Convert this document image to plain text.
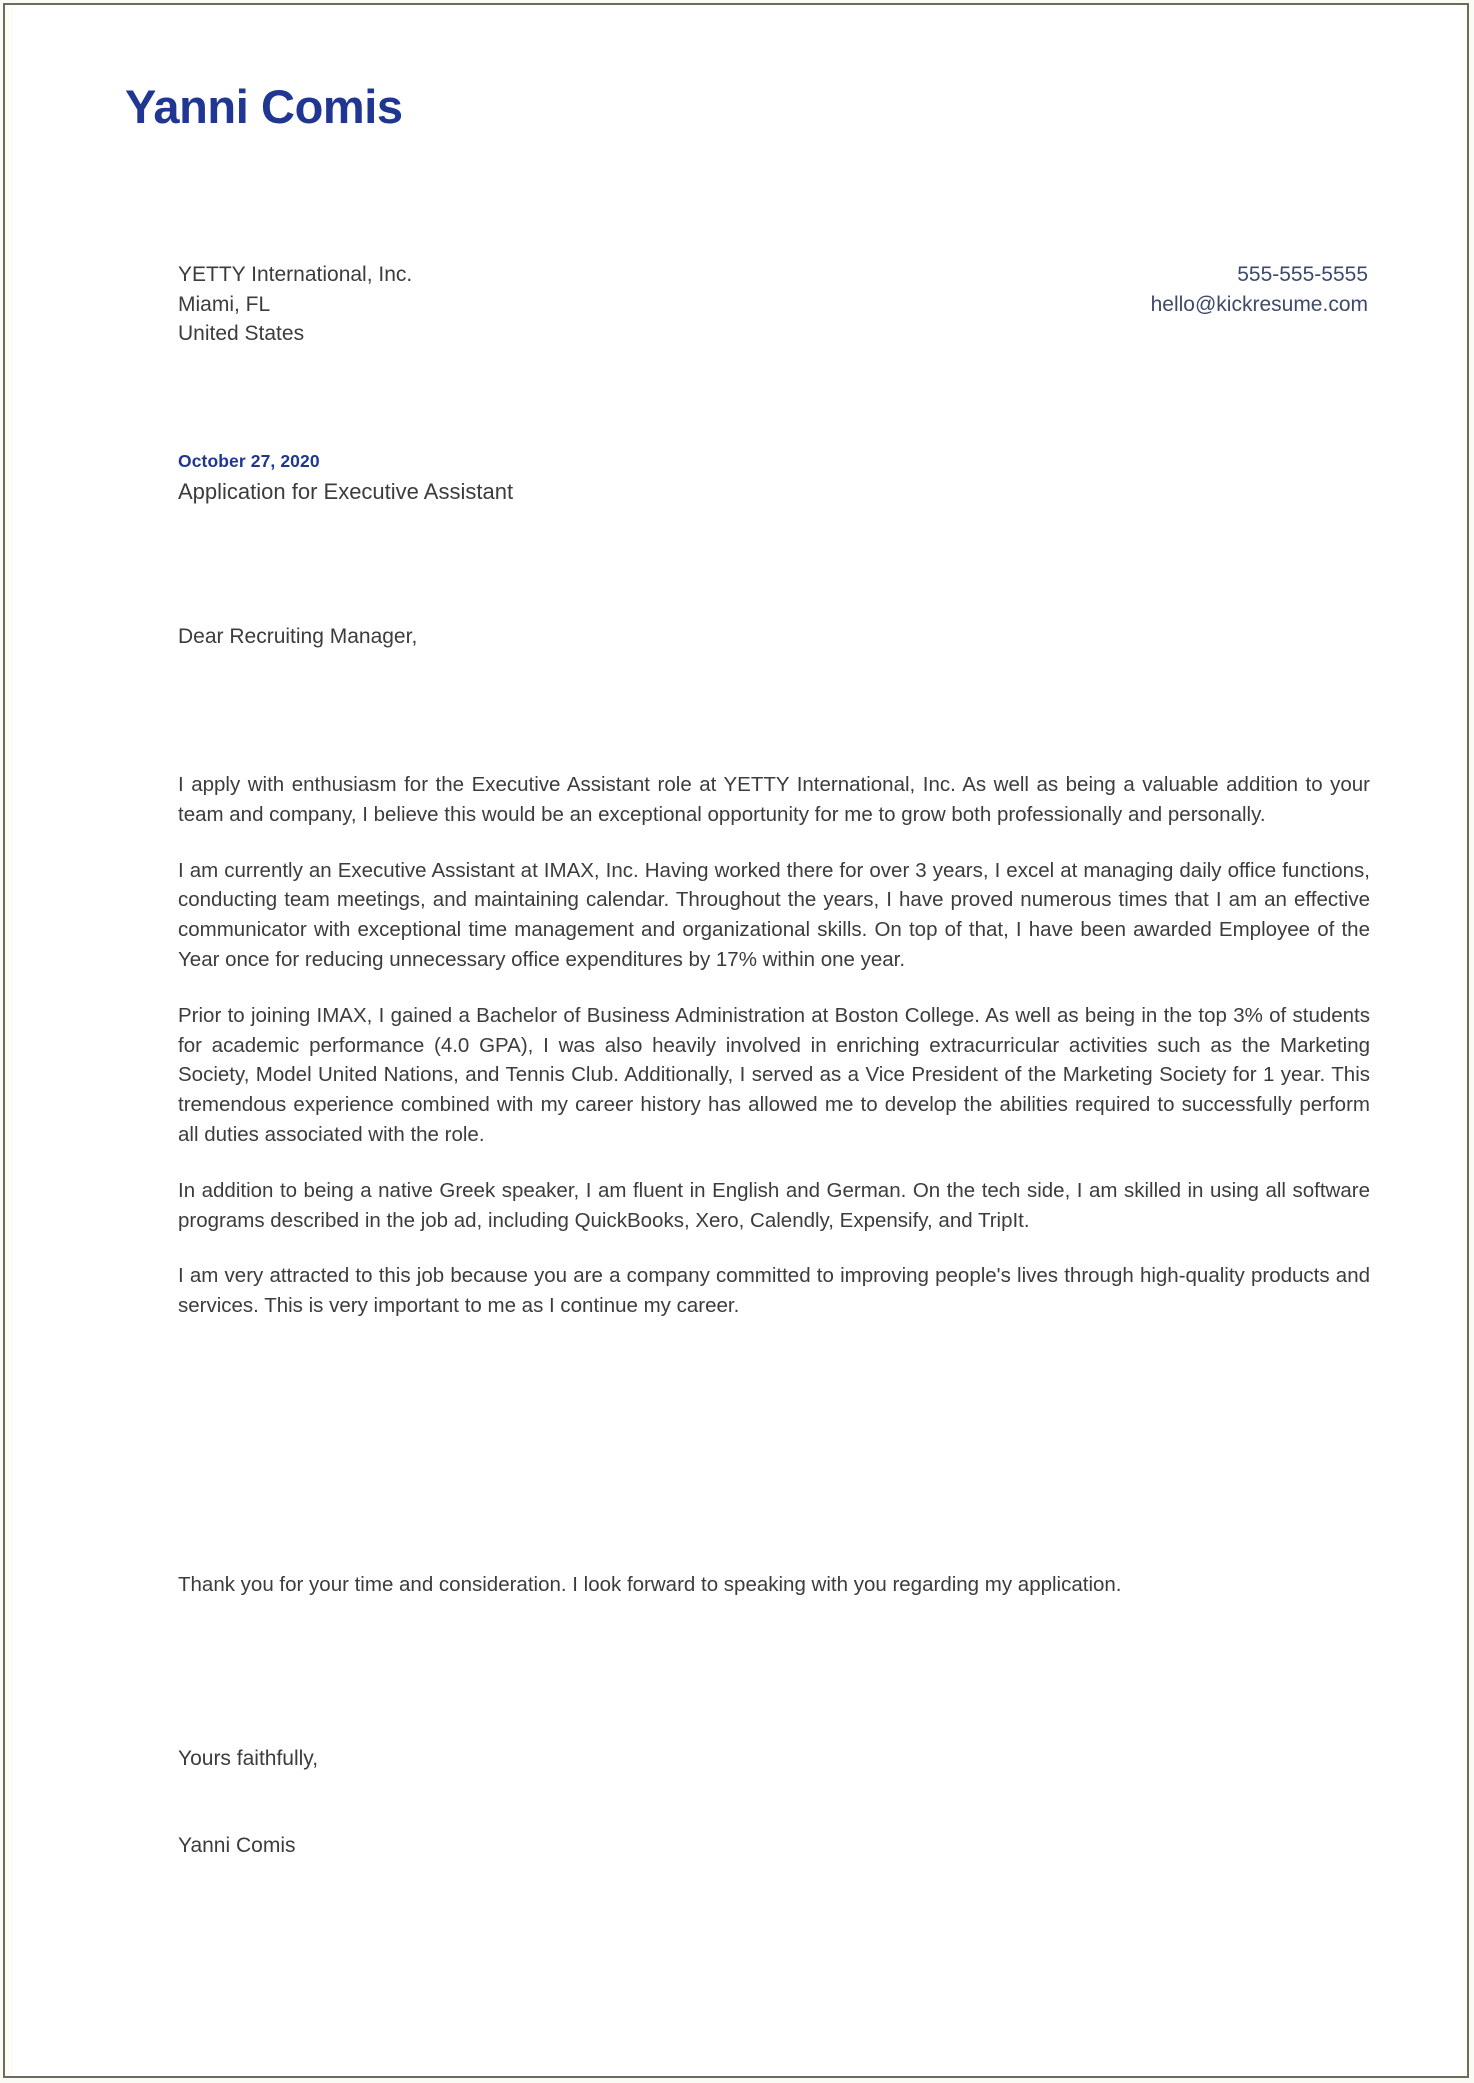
Yanni Comis
YETTY International, Inc.
Miami, FL
United States
555-555-5555
hello@kickresume.com
October 27, 2020
Application for Executive Assistant
Dear Recruiting Manager,

I apply with enthusiasm for the Executive Assistant role at YETTY International, Inc. As well as being a valuable addition to your team and company, I believe this would be an exceptional opportunity for me to grow both professionally and personally.

I am currently an Executive Assistant at IMAX, Inc. Having worked there for over 3 years, I excel at managing daily office functions, conducting team meetings, and maintaining calendar. Throughout the years, I have proved numerous times that I am an effective communicator with exceptional time management and organizational skills. On top of that, I have been awarded Employee of the Year once for reducing unnecessary office expenditures by 17% within one year.

Prior to joining IMAX, I gained a Bachelor of Business Administration at Boston College. As well as being in the top 3% of students for academic performance (4.0 GPA), I was also heavily involved in enriching extracurricular activities such as the Marketing Society, Model United Nations, and Tennis Club. Additionally, I served as a Vice President of the Marketing Society for 1 year. This tremendous experience combined with my career history has allowed me to develop the abilities required to successfully perform all duties associated with the role.

In addition to being a native Greek speaker, I am fluent in English and German. On the tech side, I am skilled in using all software programs described in the job ad, including QuickBooks, Xero, Calendly, Expensify, and TripIt.

I am very attracted to this job because you are a company committed to improving people's lives through high-quality products and services. This is very important to me as I continue my career.

Thank you for your time and consideration. I look forward to speaking with you regarding my application.

Yours faithfully,
Yanni Comis
